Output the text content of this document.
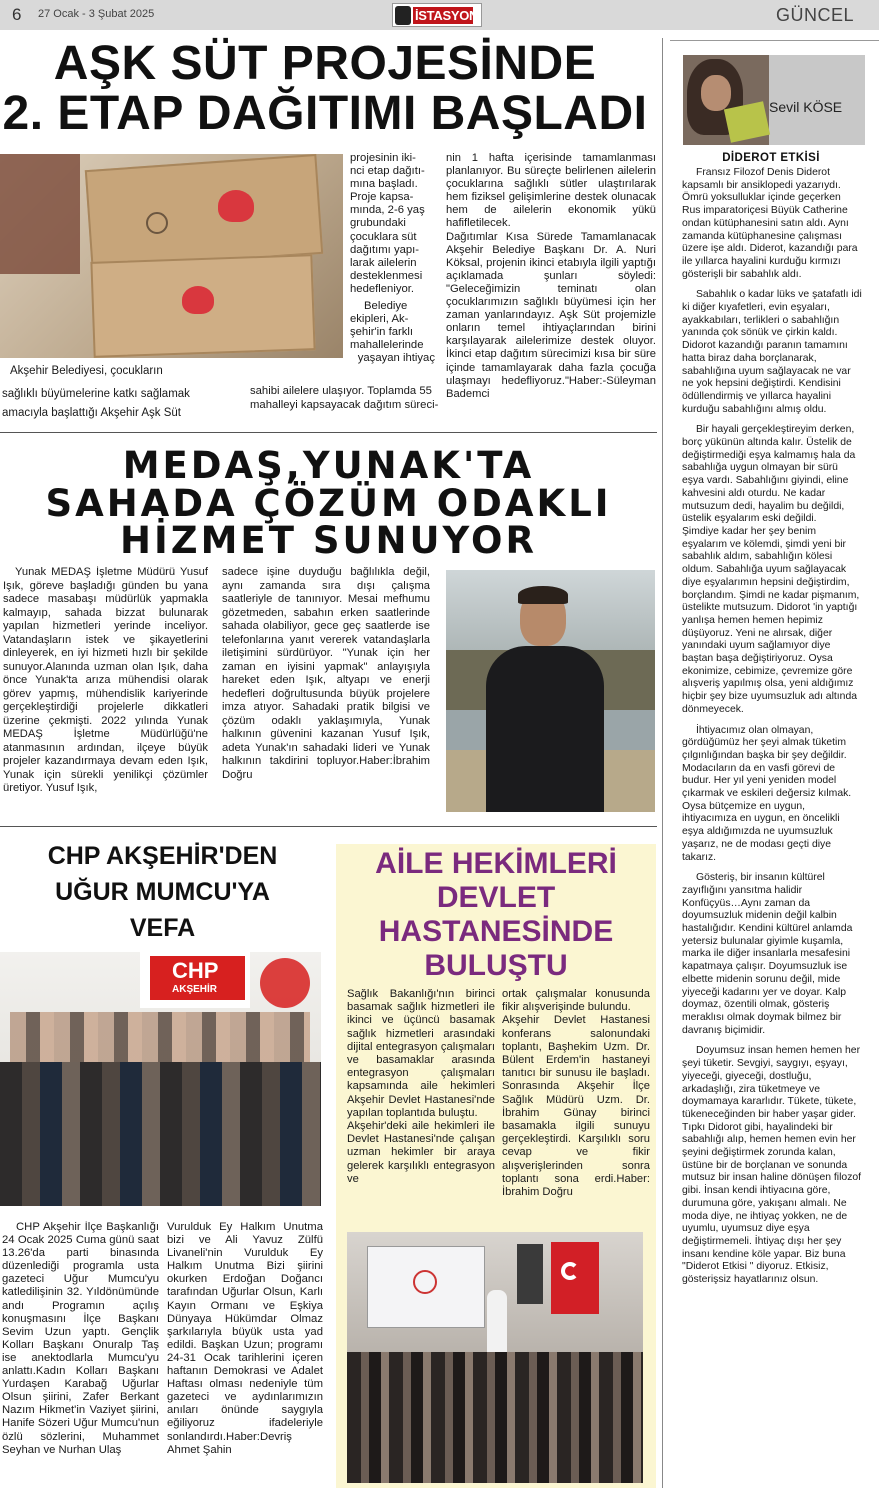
6 27 Ocak - 3 Şubat 2025	İSTASYON	GÜNCEL
AŞK SÜT PROJESİNDE
2. ETAP DAĞITIMI BAŞLADI
Akşehir Belediyesi, çocukların
sağlıklı büyümelerine katkı sağlamak
amacıyla başlattığı Akşehir Aşk Süt
projesinin iki-
nci etap dağıtı-
mına başladı.
Proje kapsa-
mında, 2-6 yaş
grubundaki
çocuklara süt
dağıtımı yapı-
larak ailelerin
desteklenmesi
hedefleniyor.
Belediye
ekipleri, Ak-
şehir'in farklı
mahallelerinde
yaşayan ihtiyaç
sahibi ailelere ulaşıyor. Toplamda 55
mahalleyi kapsayacak dağıtım süreci-
nin 1 hafta içerisinde tamamlanması planlanıyor. Bu süreçte belirlenen ailelerin çocuklarına sağlıklı sütler ulaştırılarak hem fiziksel gelişimlerine destek olunacak hem de ailelerin ekonomik yükü hafifletilecek.
Dağıtımlar Kısa Sürede Tamamlanacak Akşehir Belediye Başkanı Dr. A. Nuri Köksal, projenin ikinci etabıyla ilgili yaptığı açıklamada şunları söyledi: "Geleceğimizin teminatı olan çocuklarımızın sağlıklı büyümesi için her zaman yanlarındayız. Aşk Süt projemizle onların temel ihtiyaçlarından birini karşılayarak ailelerimize destek oluyor. İkinci etap dağıtım sürecimizi kısa bir süre içinde tamamlayarak daha fazla çocuğa ulaşmayı hedefliyoruz."Haber:-Süleyman Bademci
MEDAŞ,YUNAK'TA
SAHADA ÇÖZÜM ODAKLI
HİZMET SUNUYOR
Yunak MEDAŞ İşletme Müdürü Yusuf Işık, göreve başladığı günden bu yana sadece masabaşı müdürlük yapmakla kalmayıp, sahada bizzat bulunarak yapılan hizmetleri yerinde inceliyor. Vatandaşların istek ve şikayetlerini dinleyerek, en iyi hizmeti hızlı bir şekilde sunuyor.Alanında uzman olan Işık, daha önce Yunak'ta arıza mühendisi olarak görev yapmış, mühendislik kariyerinde gerçekleştirdiği projelerle dikkatleri üzerine çekmişti. 2022 yılında Yunak MEDAŞ İşletme Müdürlüğü'ne atanmasının ardından, ilçeye büyük projeler kazandırmaya devam eden Işık, Yunak için sürekli yenilikçi çözümler üretiyor. Yusuf Işık,
sadece işine duyduğu bağlılıkla değil, aynı zamanda sıra dışı çalışma saatleriyle de tanınıyor. Mesai mefhumu gözetmeden, sabahın erken saatlerinde sahada olabiliyor, gece geç saatlerde ise telefonlarına yanıt vererek vatandaşlarla iletişimini sürdürüyor. "Yunak için her zaman en iyisini yapmak" anlayışıyla hareket eden Işık, altyapı ve enerji hedefleri doğrultusunda büyük projelere imza atıyor. Sahadaki pratik bilgisi ve çözüm odaklı yaklaşımıyla, Yunak halkının güvenini kazanan Yusuf Işık, adeta Yunak'ın sahadaki lideri ve Yunak halkının takdirini topluyor.Haber:İbrahim Doğru
CHP AKŞEHİR'DEN
UĞUR MUMCU'YA
VEFA
CHP
AKŞEHİR
CHP Akşehir İlçe Başkanlığı 24 Ocak 2025 Cuma günü saat 13.26'da parti binasında düzenlediği programla usta gazeteci Uğur Mumcu'yu katledilişinin 32. Yıldönümünde andı Programın açılış konuşmasını İlçe Başkanı Sevim Uzun yaptı. Gençlik Kolları Başkanı Onuralp Taş ise anektodlarla Mumcu'yu anlattı.Kadın Kolları Başkanı Yurdaşen Karabağ Uğurlar Olsun şiirini, Zafer Berkant Nazım Hikmet'in Vaziyet şiirini, Hanife Sözeri Uğur Mumcu'nun özlü sözlerini, Muhammet Seyhan ve Nurhan Ulaş
Vurulduk Ey Halkım Unutma bizi ve Ali Yavuz Zülfü Livaneli'nin Vurulduk Ey Halkım Unutma Bizi şiirini okurken Erdoğan Doğancı tarafından Uğurlar Olsun, Karlı Kayın Ormanı ve Eşkiya Dünyaya Hükümdar Olmaz şarkılarıyla büyük usta yad edildi. Başkan Uzun; programı 24-31 Ocak tarihlerini içeren haftanın Demokrasi ve Adalet Haftası olması nedeniyle tüm gazeteci ve aydınlarımızın anıları önünde saygıyla eğiliyoruz ifadeleriyle sonlandırdı.Haber:Devriş Ahmet Şahin
AİLE HEKİMLERİ
DEVLET
HASTANESİNDE
BULUŞTU
Sağlık Bakanlığı'nın birinci basamak sağlık hizmetleri ile ikinci ve üçüncü basamak sağlık hizmetleri arasındaki dijital entegrasyon çalışmaları ve basamaklar arasında entegrasyon çalışmaları kapsamında aile hekimleri Akşehir Devlet Hastanesi'nde yapılan toplantıda buluştu.
Akşehir'deki aile hekimleri ile Devlet Hastanesi'nde çalışan uzman hekimler bir araya gelerek karşılıklı entegrasyon ve
ortak çalışmalar konusunda fikir alışverişinde bulundu.
Akşehir Devlet Hastanesi konferans salonundaki toplantı, Başhekim Uzm. Dr. Bülent Erdem'in hastaneyi tanıtıcı bir sunusu ile başladı. Sonrasında Akşehir İlçe Sağlık Müdürü Uzm. Dr. İbrahim Günay birinci basamakla ilgili sunuyu gerçekleştirdi. Karşılıklı soru cevap ve fikir alışverişlerinden sonra toplantı sona erdi.Haber: İbrahim Doğru
Sevil KÖSE
DİDEROT ETKİSİ

Fransız Filozof Denis Diderot kapsamlı bir ansiklopedi yazarıydı. Ömrü yoksulluklar içinde geçerken Rus imparatoriçesi Büyük Catherine ondan kütüphanesini satın aldı. Aynı zamanda kütüphanesine çalışması üzere işe aldı. Diderot, kazandığı para ile yıllarca hayalini kurduğu kırmızı gösterişli bir sabahlık aldı.

Sabahlık o kadar lüks ve şatafatlı idi ki diğer kıyafetleri, evin eşyaları, ayakkabıları, terlikleri o sabahlığın yanında çok sönük ve çirkin kaldı. Didorot kazandığı paranın tamamını hatta biraz daha borçlanarak, sabahlığına uyum sağlayacak ne var ne yok hepsini değiştirdi. Kendisini ödüllendirmiş ve yıllarca hayalini kurduğu sabahlığını almış oldu.

Bir hayali gerçekleştireyim derken, borç yükünün altında kalır. Üstelik de değiştirmediği eşya kalmamış hala da sabahlığa uygun olmayan bir sürü eşya vardı. Sabahlığını giyindi, eline kahvesini aldı oturdu. Ne kadar mutsuzum dedi, hayalim bu değildi, üstelik eşyalarım eski değildi.
Şimdiye kadar her şey benim eşyalarım ve kölemdi, şimdi yeni bir sabahlık aldım, sabahlığın kölesi oldum. Sabahlığa uyum sağlayacak diye eşyalarımın hepsini değiştirdim, borçlandım. Şimdi ne kadar pişmanım, üstelikte mutsuzum. Didorot 'in yaptığı yanlışa hemen hemen hepimiz düşüyoruz. Yeni ne alırsak, diğer yanındaki uyum sağlamıyor diye baştan başa değiştiriyoruz. Oysa ekonimize, cebimize, çevremize göre alışveriş yapılmış olsa, yeni aldığımız hiçbir şey bize uyumsuzluk adı altında dönmeyecek.

İhtiyacımız olan olmayan, gördüğümüz her şeyi almak tüketim çılgınlığından başka bir şey değildir. Modacıların da en vasfi görevi de budur. Her yıl yeni yeniden model çıkarmak ve eskileri değersiz kılmak. Oysa bütçemize en uygun, ihtiyacımıza en uygun, en öncelikli eşya aldığımızda ne uyumsuzluk yaşarız, ne de modası geçti diye takarız.

Gösteriş, bir insanın kültürel zayıflığını yansıtma halidir Konfüçyüs…Aynı zaman da doyumsuzluk midenin değil kalbin hastalığıdır. Kendini kültürel anlamda yetersiz bulunalar giyimle kuşamla, marka ile diğer insanlarla mesafesini kapatmaya çalışır. Doyumsuzluk ise elbette midenin sorunu değil, mide yiyeceği kadarını yer ve doyar. Kalp doymaz, özentili olmak, gösteriş meraklısı olmak doymak bilmez bir davranış biçimidir.

Doyumsuz insan hemen hemen her şeyi tüketir. Sevgiyi, saygıyı, eşyayı, yiyeceği, giyeceği, dostluğu, arkadaşlığı, zira tüketmeye ve doymamaya kararlıdır. Tükete, tükete, tükeneceğinden bir haber yaşar gider. Tıpkı Didorot gibi, hayalindeki bir sabahlığı alıp, hemen hemen evin her şeyini değiştirmek zorunda kalan, üstüne bir de borçlanan ve sonunda mutsuz bir insan haline dönüşen filozof gibi. İnsan kendi ihtiyacına göre, durumuna göre, yakışanı almalı. Ne moda diye, ne ihtiyaç yokken, ne de uyumlu, uyumsuz diye eşya değiştirmemeli. İhtiyaç dışı her şey insanı kendine köle yapar. Biz buna "Diderot Etkisi " diyoruz. Etkisiz, gösterişsiz hayatlarınız olsun.
